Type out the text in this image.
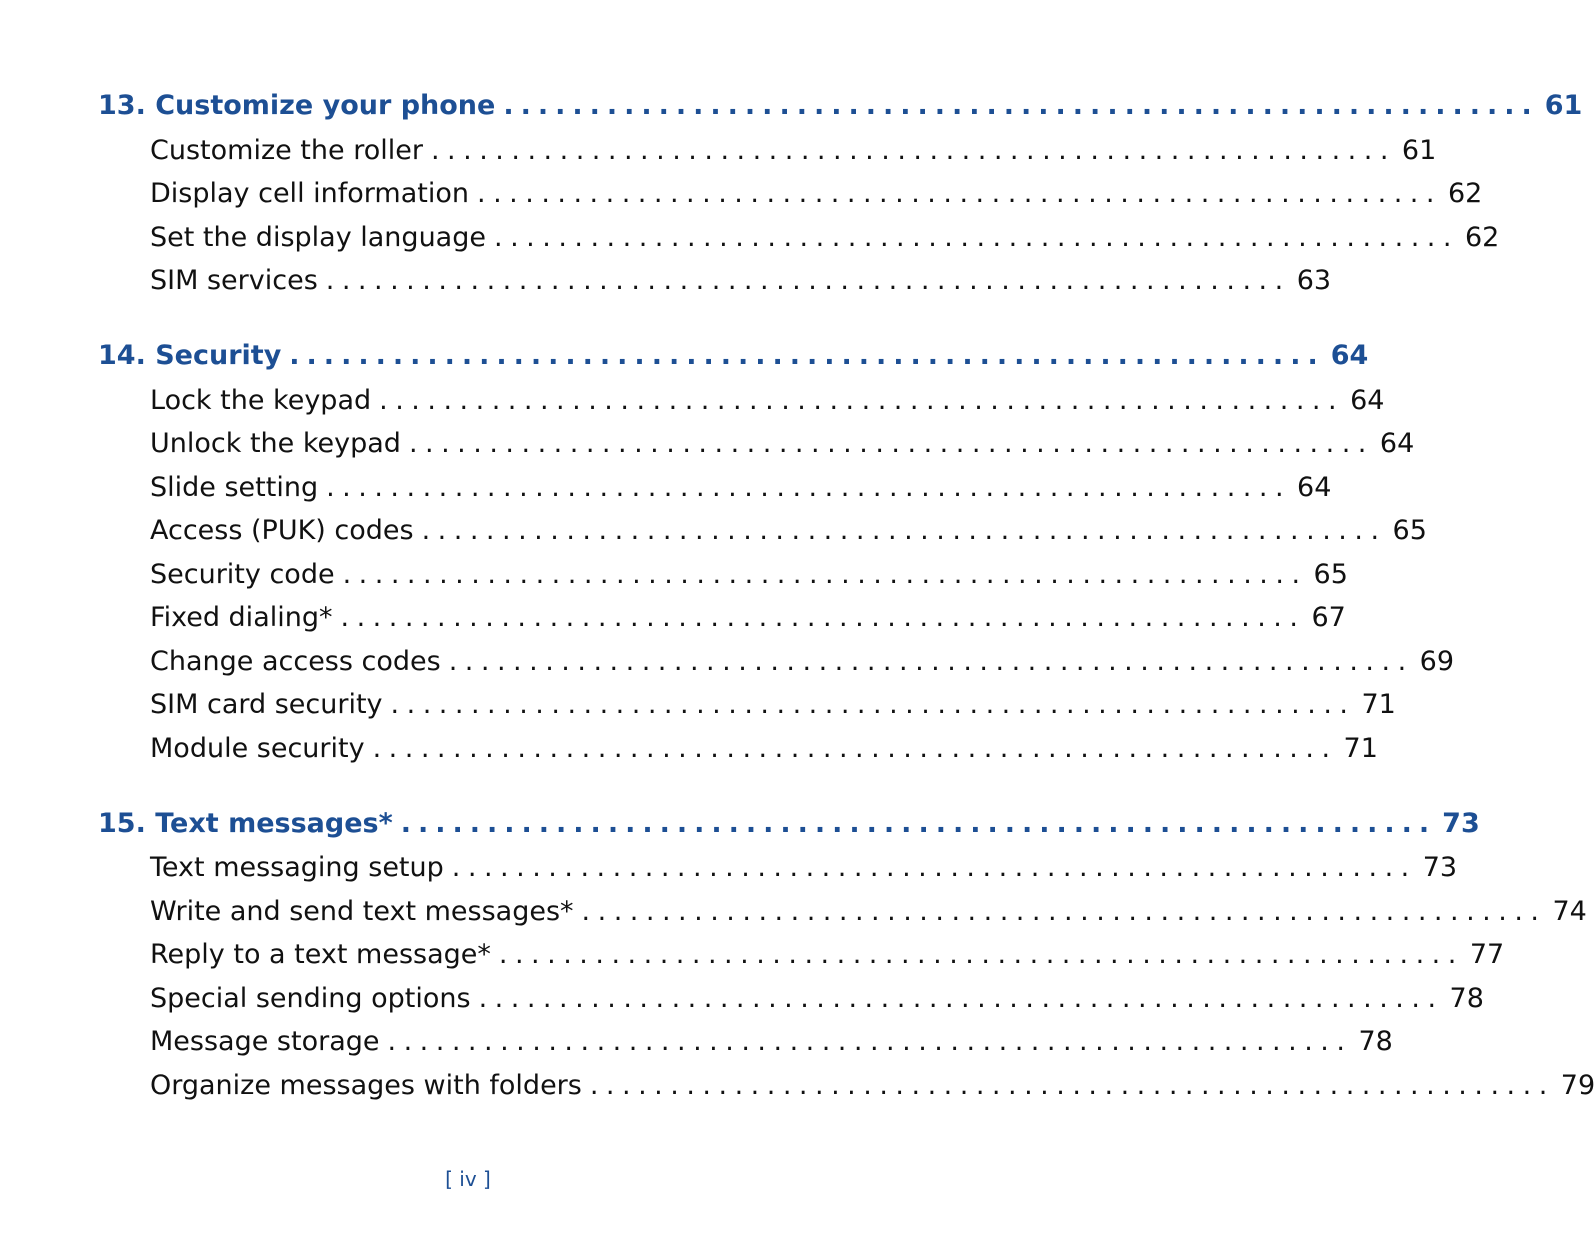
13. Customize your phone ............................................................ 61
Customize the roller ............................................................ 61
Display cell information ............................................................ 62
Set the display language ............................................................ 62
SIM services ............................................................ 63
14. Security ............................................................ 64
Lock the keypad ............................................................ 64
Unlock the keypad ............................................................ 64
Slide setting ............................................................ 64
Access (PUK) codes ............................................................ 65
Security code ............................................................ 65
Fixed dialing* ............................................................ 67
Change access codes ............................................................ 69
SIM card security ............................................................ 71
Module security ............................................................ 71
15. Text messages* ............................................................ 73
Text messaging setup ............................................................ 73
Write and send text messages* ............................................................ 74
Reply to a text message* ............................................................ 77
Special sending options ............................................................ 78
Message storage ............................................................ 78
Organize messages with folders ............................................................ 79
[ iv ]
